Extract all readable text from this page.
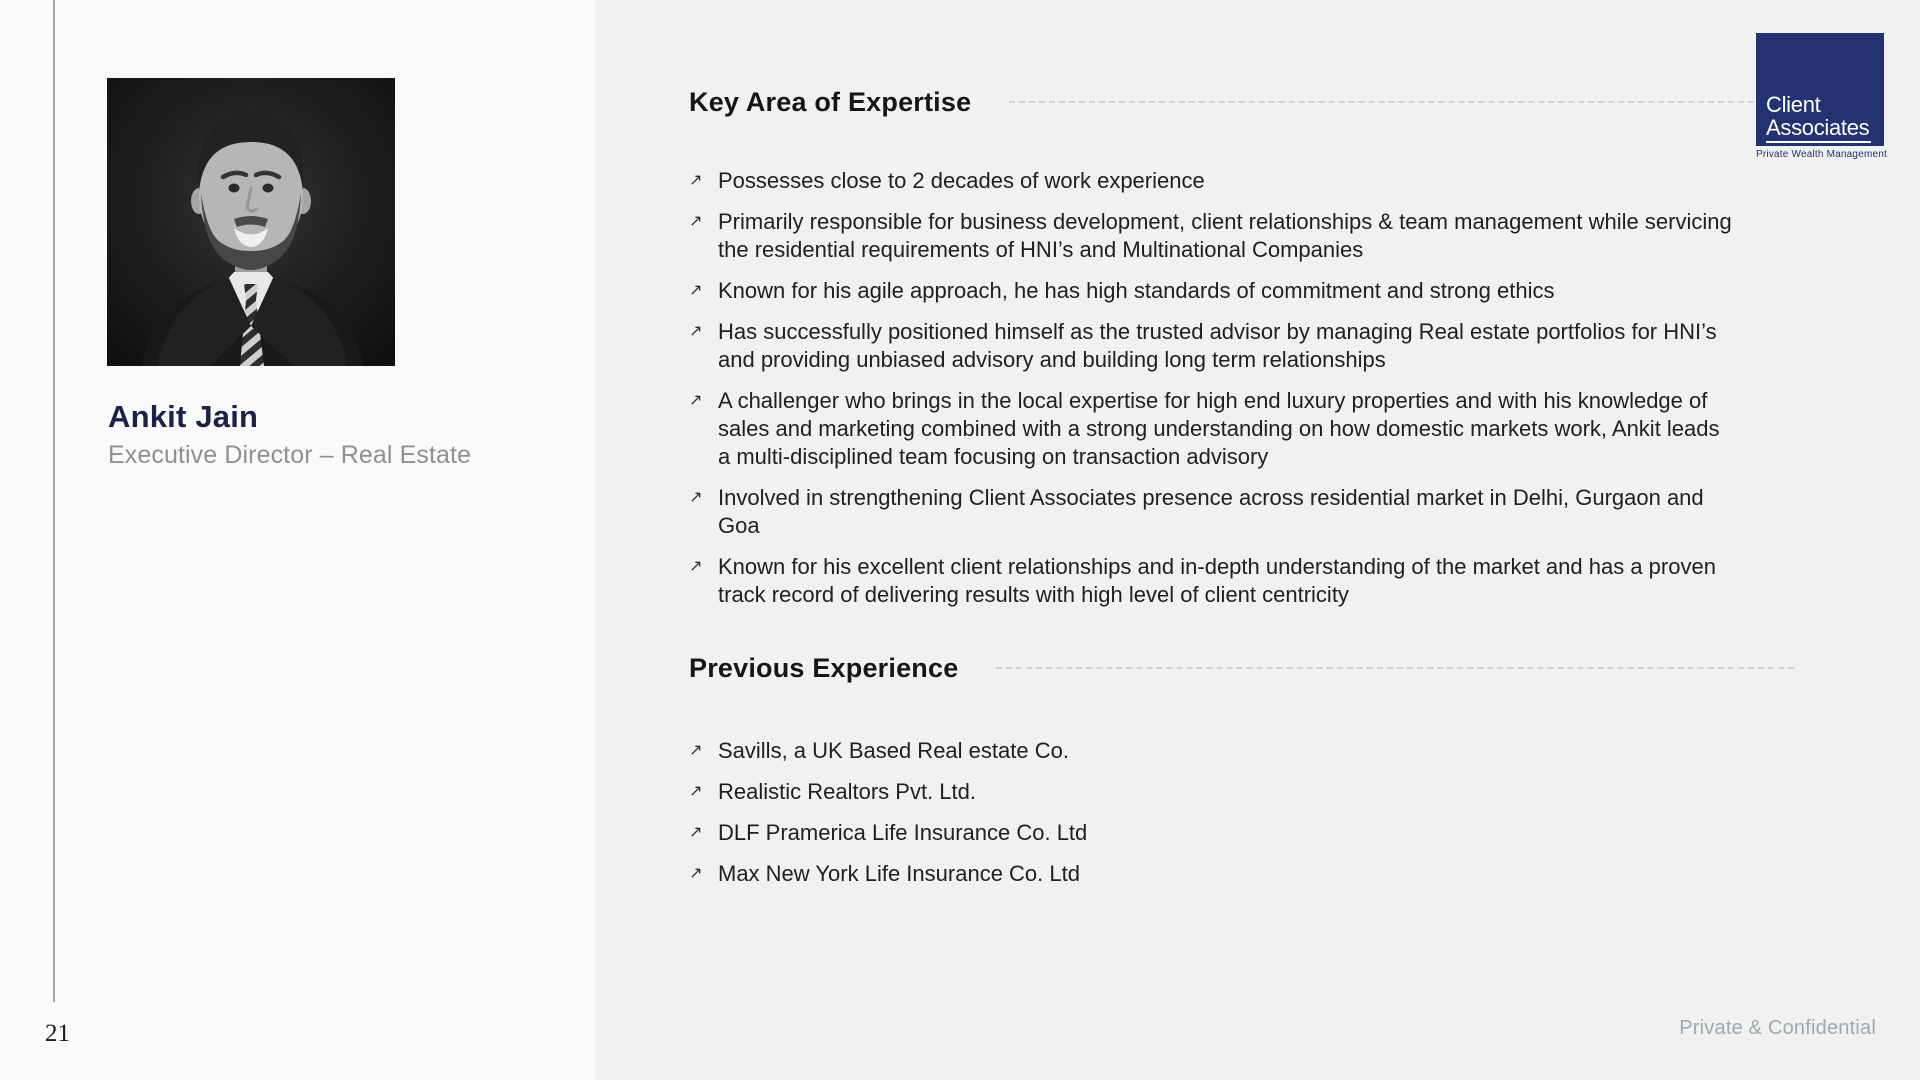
Ankit Jain
Executive Director – Real Estate
21
Key Area of Expertise
↗ Possesses close to 2 decades of work experience
↗ Primarily responsible for business development, client relationships & team management while servicing the residential requirements of HNI’s and Multinational Companies
↗ Known for his agile approach, he has high standards of commitment and strong ethics
↗ Has successfully positioned himself as the trusted advisor by managing Real estate portfolios for HNI’s and providing unbiased advisory and building long term relationships
↗ A challenger who brings in the local expertise for high end luxury properties and with his knowledge of sales and marketing combined with a strong understanding on how domestic markets work, Ankit leads a multi-disciplined team focusing on transaction advisory
↗ Involved in strengthening Client Associates presence across residential market in Delhi, Gurgaon and Goa
↗ Known for his excellent client relationships and in-depth understanding of the market and has a proven track record of delivering results with high level of client centricity
Previous Experience
↗ Savills, a UK Based Real estate Co.
↗ Realistic Realtors Pvt. Ltd.
↗ DLF Pramerica Life Insurance Co. Ltd
↗ Max New York Life Insurance Co. Ltd
Client
Associates
Private Wealth Management
Private & Confidential
